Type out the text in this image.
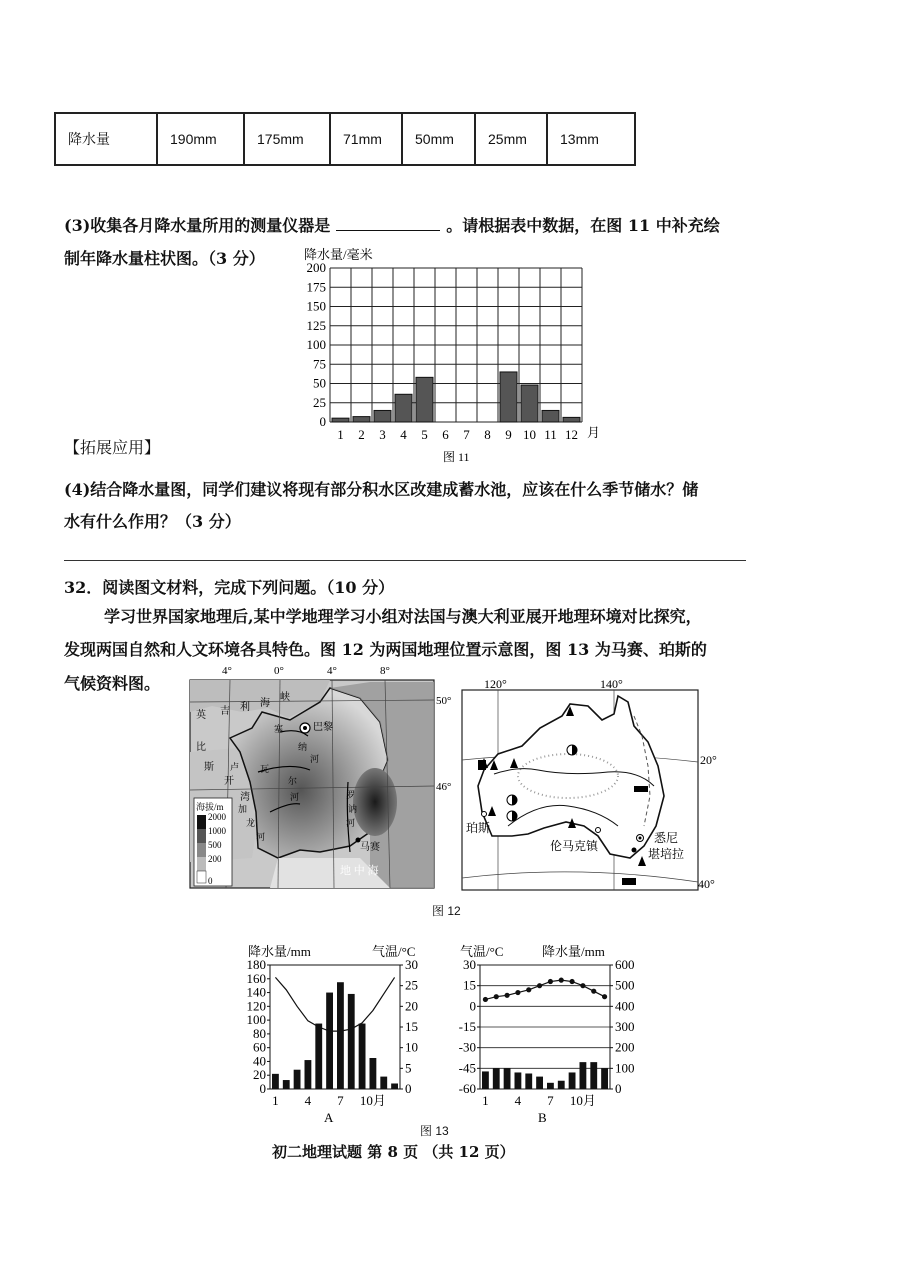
降水量	190mm	175mm	71mm	50mm	25mm	13mm
(3)收集各月降水量所用的测量仪器是	。请根据表中数据，在图 11 中补充绘
制年降水量柱状图。（3 分）	降水量/毫米
0
25
50
75
100
125
150
175
200
1 2 3 4 5 6 7 8 9 10 11 12 月
图 11
【拓展应用】
(4)结合降水量图，同学们建议将现有部分积水区改建成蓄水池，应该在什么季节储水？储
水有什么作用？（3 分）
32．阅读图文材料，完成下列问题。（10 分）
学习世界国家地理后,某中学地理学习小组对法国与澳大利亚展开地理环境对比探究，
发现两国自然和人文环境各具特色。图 12 为两国地理位置示意图，图 13 为马赛、珀斯的
气候资料图。
4°	0°	4°	8°
50°
46°
英 吉 利 海
峡
比
斯
开
湾
地 中 海
塞
纳
河
卢 瓦
尔
河
加
龙
河
罗
讷
河
巴黎
马赛
海拔/m
2000
1000
500
200
0
120°	140°
20°
40°
珀斯
伦马克镇
悉尼
堪培拉
图 12
降水量/mm	气温/°C
0
20
40
60
80
100
120
140
160
180
0
5
10
15
20
25
30
1 4 7 10月
A
气温/°C	降水量/mm
30
15
0
-15
-30
-45
-60
600
500
400
300
200
100
0
1 4 7 10月
B
图 13
初二地理试题 第 8 页 （共 12 页）
